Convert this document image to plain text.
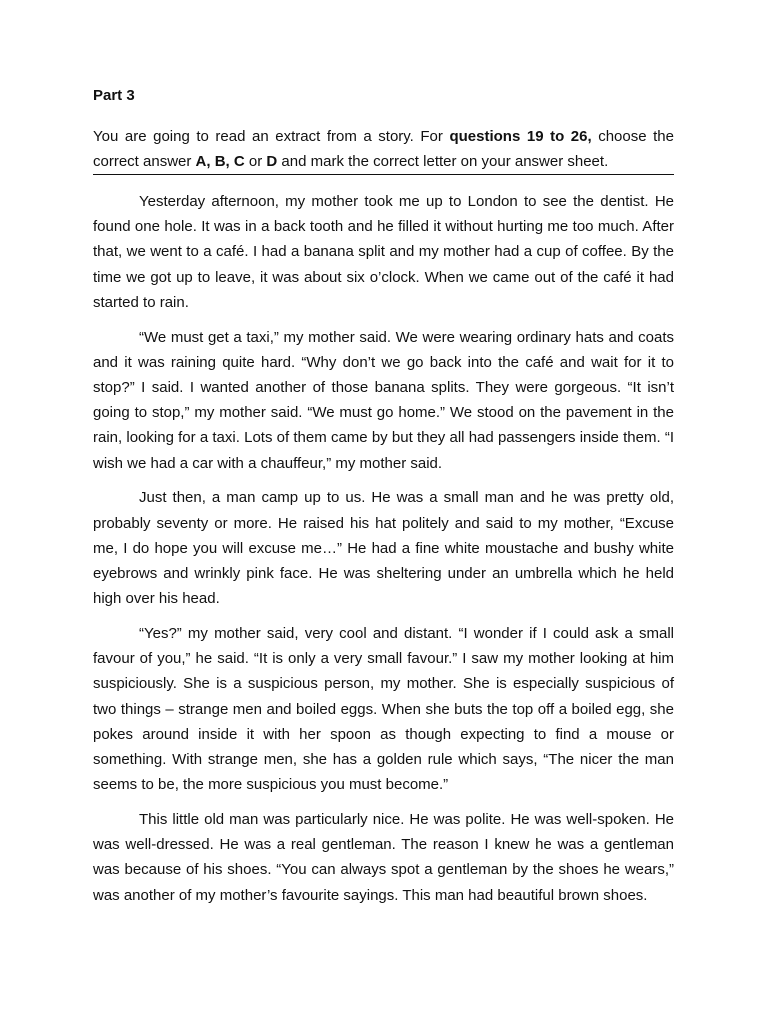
Part 3

You are going to read an extract from a story. For questions 19 to 26, choose the correct answer A, B, C or D and mark the correct letter on your answer sheet.

Yesterday afternoon, my mother took me up to London to see the dentist. He found one hole. It was in a back tooth and he filled it without hurting me too much. After that, we went to a café. I had a banana split and my mother had a cup of coffee. By the time we got up to leave, it was about six o’clock. When we came out of the café it had started to rain.

“We must get a taxi,” my mother said. We were wearing ordinary hats and coats and it was raining quite hard. “Why don’t we go back into the café and wait for it to stop?” I said. I wanted another of those banana splits. They were gorgeous. “It isn’t going to stop,” my mother said. “We must go home.” We stood on the pavement in the rain, looking for a taxi. Lots of them came by but they all had passengers inside them. “I wish we had a car with a chauffeur,” my mother said.

Just then, a man camp up to us. He was a small man and he was pretty old, probably seventy or more. He raised his hat politely and said to my mother, “Excuse me, I do hope you will excuse me…” He had a fine white moustache and bushy white eyebrows and wrinkly pink face. He was sheltering under an umbrella which he held high over his head.

“Yes?” my mother said, very cool and distant. “I wonder if I could ask a small favour of you,” he said. “It is only a very small favour.” I saw my mother looking at him suspiciously. She is a suspicious person, my mother. She is especially suspicious of two things – strange men and boiled eggs. When she buts the top off a boiled egg, she pokes around inside it with her spoon as though expecting to find a mouse or something. With strange men, she has a golden rule which says, “The nicer the man seems to be, the more suspicious you must become.”

This little old man was particularly nice. He was polite. He was well-spoken. He was well-dressed. He was a real gentleman. The reason I knew he was a gentleman was because of his shoes. “You can always spot a gentleman by the shoes he wears,” was another of my mother’s favourite sayings. This man had beautiful brown shoes.
